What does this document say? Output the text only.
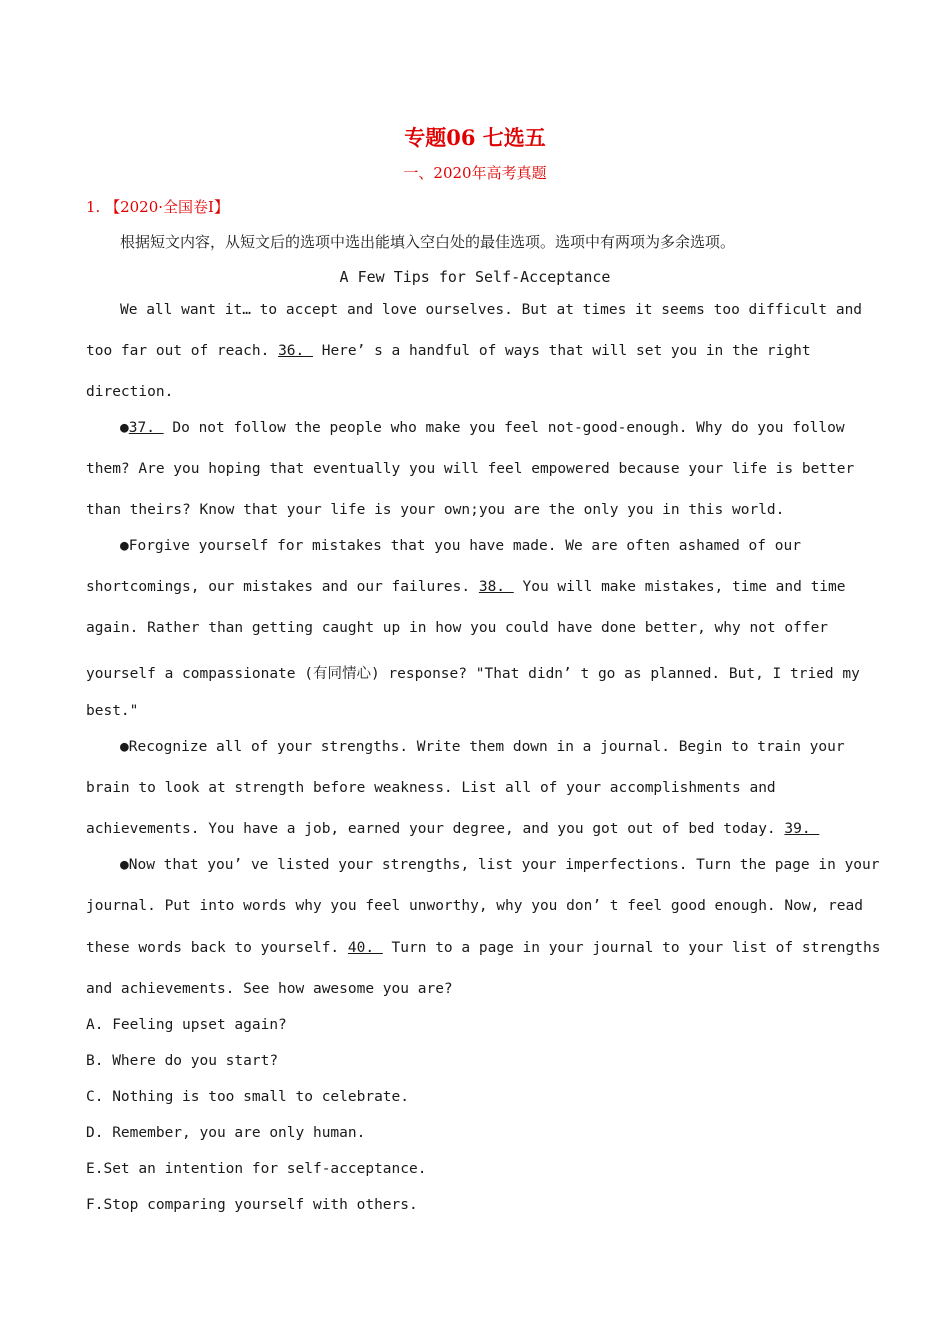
专题06 七选五
一、2020年高考真题
1. 【2020·全国卷Ⅰ】
根据短文内容，从短文后的选项中选出能填入空白处的最佳选项。选项中有两项为多余选项。
A Few Tips for Self-Acceptance
We all want it… to accept and love ourselves. But at times it seems too difficult and
too far out of reach. 36.  Here’ s a handful of ways that will set you in the right
direction.
●37.  Do not follow the people who make you feel not-good-enough. Why do you follow
them? Are you hoping that eventually you will feel empowered because your life is better
than theirs? Know that your life is your own;you are the only you in this world.
●Forgive yourself for mistakes that you have made. We are often ashamed of our
shortcomings, our mistakes and our failures. 38.  You will make mistakes, time and time
again. Rather than getting caught up in how you could have done better, why not offer
yourself a compassionate (有同情心) response? "That didn’ t go as planned. But, I tried my
best."
●Recognize all of your strengths. Write them down in a journal. Begin to train your
brain to look at strength before weakness. List all of your accomplishments and
achievements. You have a job, earned your degree, and you got out of bed today. 39.
●Now that you’ ve listed your strengths, list your imperfections. Turn the page in your
journal. Put into words why you feel unworthy, why you don’ t feel good enough. Now, read
these words back to yourself. 40.  Turn to a page in your journal to your list of strengths
and achievements. See how awesome you are?
A. Feeling upset again?
B. Where do you start?
C. Nothing is too small to celebrate.
D. Remember, you are only human.
E.Set an intention for self-acceptance.
F.Stop comparing yourself with others.
